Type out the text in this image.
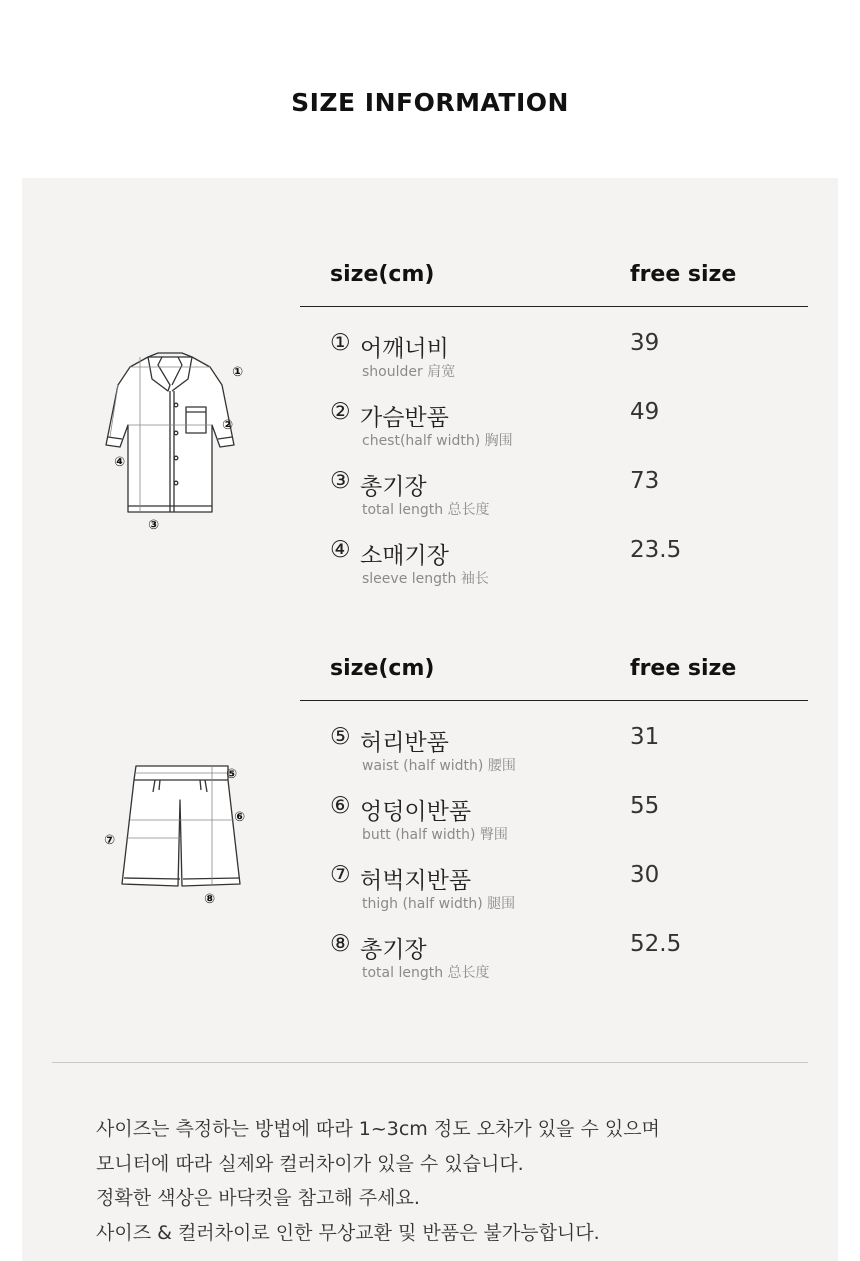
SIZE INFORMATION
①
②
③
④
⑤
⑥
⑦
⑧
size(cm)	free size
① 어깨너비
shoulder 肩宽
39
② 가슴반품
chest(half width) 胸围
49
③ 총기장
total length 总长度
73
④ 소매기장
sleeve length 袖长
23.5
size(cm)	free size
⑤ 허리반품
waist (half width) 腰围
31
⑥ 엉덩이반품
butt (half width) 臀围
55
⑦ 허벅지반품
thigh (half width) 腿围
30
⑧ 총기장
total length 总长度
52.5
사이즈는 측정하는 방법에 따라 1~3cm 정도 오차가 있을 수 있으며
모니터에 따라 실제와 컬러차이가 있을 수 있습니다.
정확한 색상은 바닥컷을 참고해 주세요.
사이즈 & 컬러차이로 인한 무상교환 및 반품은 불가능합니다.
